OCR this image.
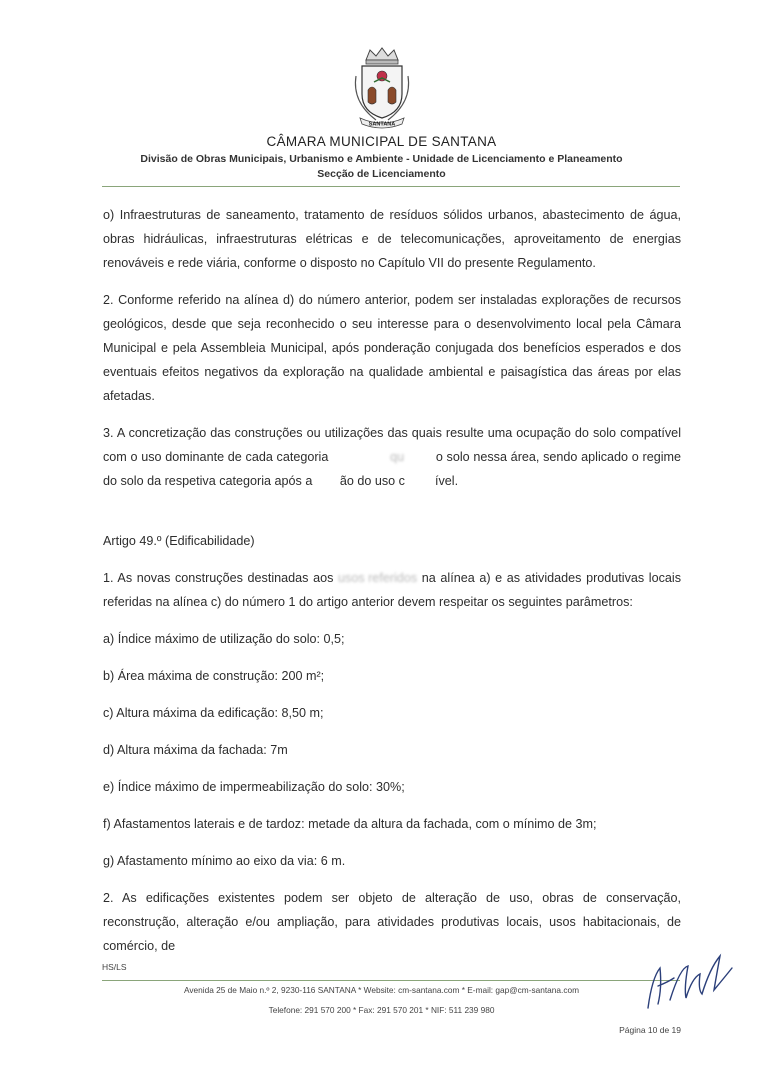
SANTANA
CÂMARA MUNICIPAL DE SANTANA
Divisão de Obras Municipais, Urbanismo e Ambiente - Unidade de Licenciamento e Planeamento
Secção de Licenciamento

o) Infraestruturas de saneamento, tratamento de resíduos sólidos urbanos, abastecimento de água, obras hidráulicas, infraestruturas elétricas e de telecomunicações, aproveitamento de energias renováveis e rede viária, conforme o disposto no Capítulo VII do presente Regulamento.

2. Conforme referido na alínea d) do número anterior, podem ser instaladas explorações de recursos geológicos, desde que seja reconhecido o seu interesse para o desenvolvimento local pela Câmara Municipal e pela Assembleia Municipal, após ponderação conjugada dos benefícios esperados e dos eventuais efeitos negativos da exploração na qualidade ambiental e paisagística das áreas por elas afetadas.

3. A concretização das construções ou utilizações das quais resulte uma ocupação do solo compatível com o uso dominante de cada categoria	qu o solo nessa área, sendo aplicado o regime do solo da respetiva categoria após a ão do uso c ível.

Artigo 49.º (Edificabilidade)

1. As novas construções destinadas aos usos referidos na alínea a) e as atividades produtivas locais referidas na alínea c) do número 1 do artigo anterior devem respeitar os seguintes parâmetros:

a) Índice máximo de utilização do solo: 0,5;

b) Área máxima de construção: 200 m²;

c) Altura máxima da edificação: 8,50 m;

d) Altura máxima da fachada: 7m

e) Índice máximo de impermeabilização do solo: 30%;

f) Afastamentos laterais e de tardoz: metade da altura da fachada, com o mínimo de 3m;

g) Afastamento mínimo ao eixo da via: 6 m.

2. As edificações existentes podem ser objeto de alteração de uso, obras de conservação, reconstrução, alteração e/ou ampliação, para atividades produtivas locais, usos habitacionais, de comércio, de

HS/LS
Avenida 25 de Maio n.º 2, 9230-116 SANTANA * Website: cm-santana.com * E-mail: gap@cm-santana.com
Telefone: 291 570 200 * Fax: 291 570 201 * NIF: 511 239 980
Página 10 de 19
